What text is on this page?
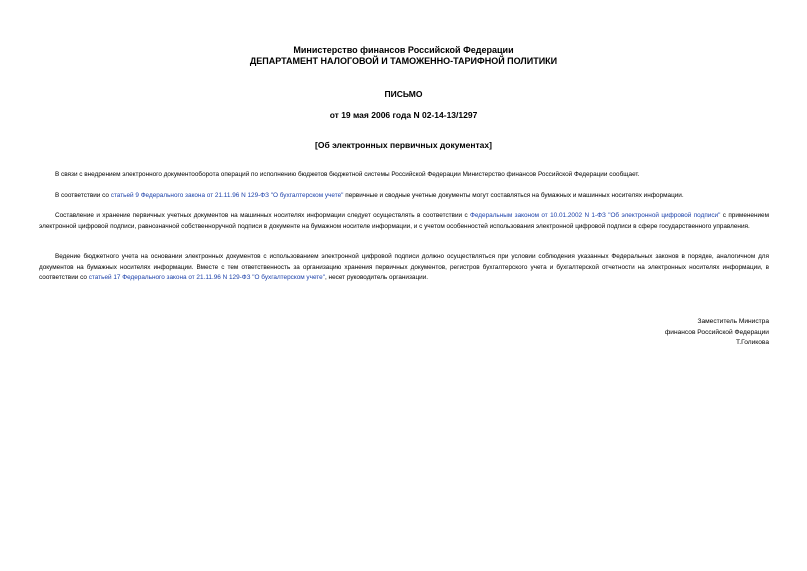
Министерство финансов Российской Федерации
ДЕПАРТАМЕНТ НАЛОГОВОЙ И ТАМОЖЕННО-ТАРИФНОЙ ПОЛИТИКИ
ПИСЬМО
от 19 мая 2006 года N 02-14-13/1297
[Об электронных первичных документах]
В связи с внедрением электронного документооборота операций по исполнению бюджетов бюджетной системы Российской Федерации Министерство финансов Российской Федерации сообщает.
В соответствии со статьей 9 Федерального закона от 21.11.96 N 129-ФЗ "О бухгалтерском учете" первичные и сводные учетные документы могут составляться на бумажных и машинных носителях информации.
Составление и хранение первичных учетных документов на машинных носителях информации следует осуществлять в соответствии с Федеральным законом от 10.01.2002 N 1-ФЗ "Об электронной цифровой подписи" с применением электронной цифровой подписи, равнозначной собственноручной подписи в документе на бумажном носителе информации, и с учетом особенностей использования электронной цифровой подписи в сфере государственного управления.
Ведение бюджетного учета на основании электронных документов с использованием электронной цифровой подписи должно осуществляться при условии соблюдения указанных Федеральных законов в порядке, аналогичном для документов на бумажных носителях информации. Вместе с тем ответственность за организацию хранения первичных документов, регистров бухгалтерского учета и бухгалтерской отчетности на электронных носителях информации, в соответствии со статьей 17 Федерального закона от 21.11.96 N 129-ФЗ "О бухгалтерском учете", несет руководитель организации.
Заместитель Министра
финансов Российской Федерации
Т.Голикова
